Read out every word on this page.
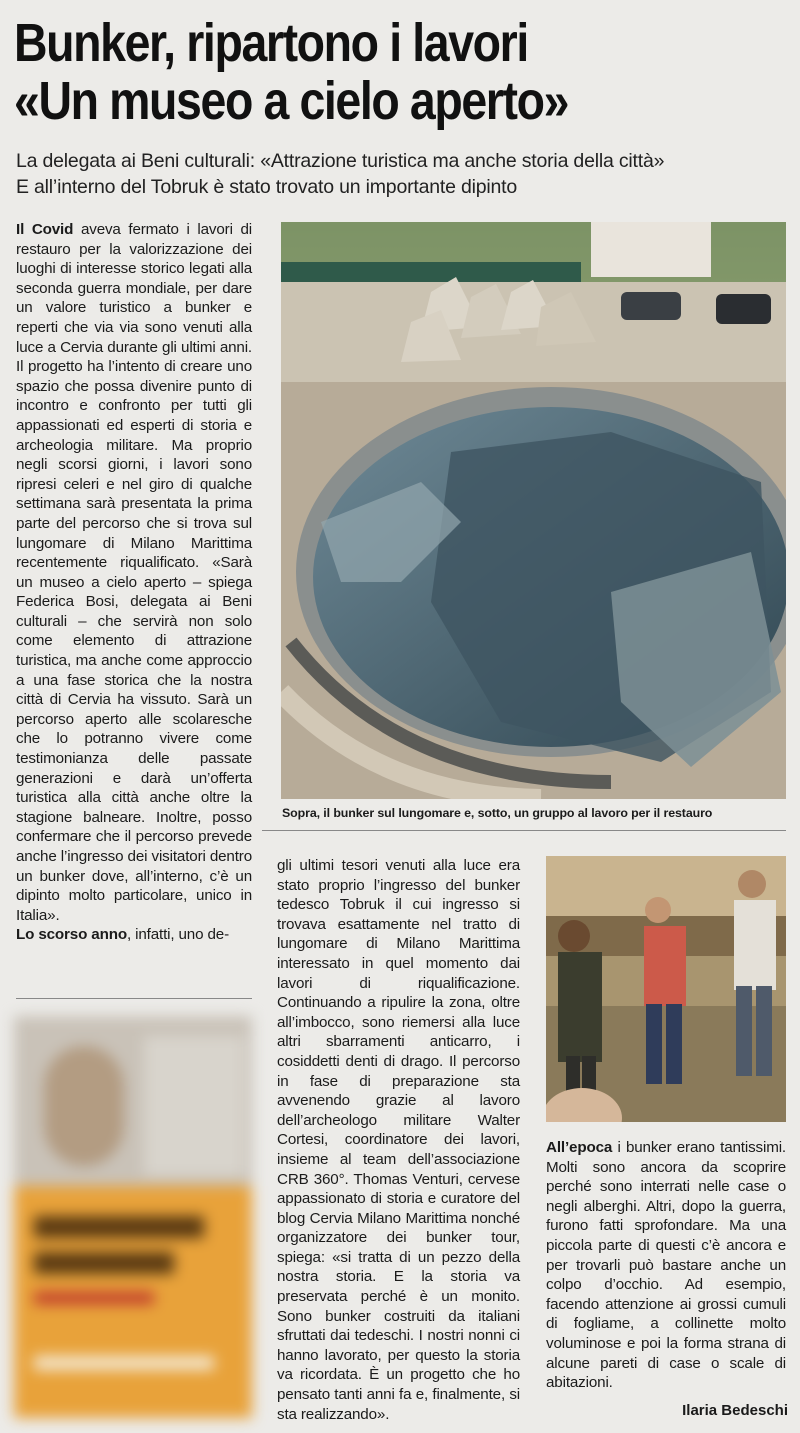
Bunker, ripartono i lavori
«Un museo a cielo aperto»
La delegata ai Beni culturali: «Attrazione turistica ma anche storia della città»
E all’interno del Tobruk è stato trovato un importante dipinto

Il Covid aveva fermato i lavori di restauro per la valorizzazione dei luoghi di interesse storico legati alla seconda guerra mondiale, per dare un valore turistico a bunker e reperti che via via sono venuti alla luce a Cervia durante gli ultimi anni. Il progetto ha l’intento di creare uno spazio che possa divenire punto di incontro e confronto per tutti gli appassionati ed esperti di storia e archeologia militare. Ma proprio negli scorsi giorni, i lavori sono ripresi celeri e nel giro di qualche settimana sarà presentata la prima parte del percorso che si trova sul lungomare di Milano Marittima recentemente riqualificato. «Sarà un museo a cielo aperto – spiega Federica Bosi, delegata ai Beni culturali – che servirà non solo come elemento di attrazione turistica, ma anche come approccio a una fase storica che la nostra città di Cervia ha vissuto. Sarà un percorso aperto alle scolaresche che lo potranno vivere come testimonianza delle passate generazioni e darà un’offerta turistica alla città anche oltre la stagione balneare. Inoltre, posso confermare che il percorso prevede anche l’ingresso dei visitatori dentro un bunker dove, all’interno, c’è un dipinto molto particolare, unico in Italia».

Lo scorso anno, infatti, uno de-

Sopra, il bunker sul lungomare e, sotto, un gruppo al lavoro per il restauro

gli ultimi tesori venuti alla luce era stato proprio l’ingresso del bunker tedesco Tobruk il cui ingresso si trovava esattamente nel tratto di lungomare di Milano Marittima interessato in quel momento dai lavori di riqualificazione. Continuando a ripulire la zona, oltre all’imbocco, sono riemersi alla luce altri sbarramenti anticarro, i cosiddetti denti di drago. Il percorso in fase di preparazione sta avvenendo grazie al lavoro dell’archeologo militare Walter Cortesi, coordinatore dei lavori, insieme al team dell’associazione CRB 360°. Thomas Venturi, cervese appassionato di storia e curatore del blog Cervia Milano Marittima nonché organizzatore dei bunker tour, spiega: «si tratta di un pezzo della nostra storia. E la storia va preservata perché è un monito. Sono bunker costruiti da italiani sfruttati dai tedeschi. I nostri nonni ci hanno lavorato, per questo la storia va ricordata. È un progetto che ho pensato tanti anni fa e, finalmente, si sta realizzando».

All’epoca i bunker erano tantissimi. Molti sono ancora da scoprire perché sono interrati nelle case o negli alberghi. Altri, dopo la guerra, furono fatti sprofondare. Ma una piccola parte di questi c’è ancora e per trovarli può bastare anche un colpo d’occhio. Ad esempio, facendo attenzione ai grossi cumuli di fogliame, a collinette molto voluminose e poi la forma strana di alcune pareti di case o scale di abitazioni.

Ilaria Bedeschi
